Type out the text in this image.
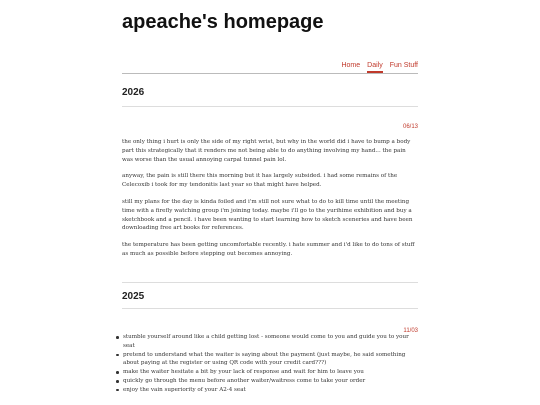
apeache's homepage
Home Daily Fun Stuff
2026
06/13

the only thing i hurt is only the side of my right wrist, but why in the world did i have to bump a body part this strategically that it renders me not being able to do anything involving my hand... the pain was worse than the usual annoying carpal tunnel pain lol.

anyway, the pain is still there this morning but it has largely subsided. i had some remains of the Celecoxib i took for my tendonitis last year so that might have helped.

still my plans for the day is kinda foiled and i'm still not sure what to do to kill time until the meeting time with a firefly watching group i'm joining today. maybe i'll go to the yurihime exhibition and buy a sketchbook and a pencil. i have been wanting to start learning how to sketch sceneries and have been downloading free art books for references.

the temperature has been getting uncomfortable recently. i hate summer and i'd like to do tons of stuff as much as possible before stepping out becomes annoying.

2025
11/03
stumble yourself around like a child getting lost - someone would come to you and guide you to your seat
pretend to understand what the waiter is saying about the payment (just maybe, he said something about paying at the register or using QR code with your credit card???)
make the waiter hesitate a bit by your lack of response and wait for him to leave you
quickly go through the menu before another waiter/waitress come to take your order
enjoy the vain superiority of your A2-4 seat
